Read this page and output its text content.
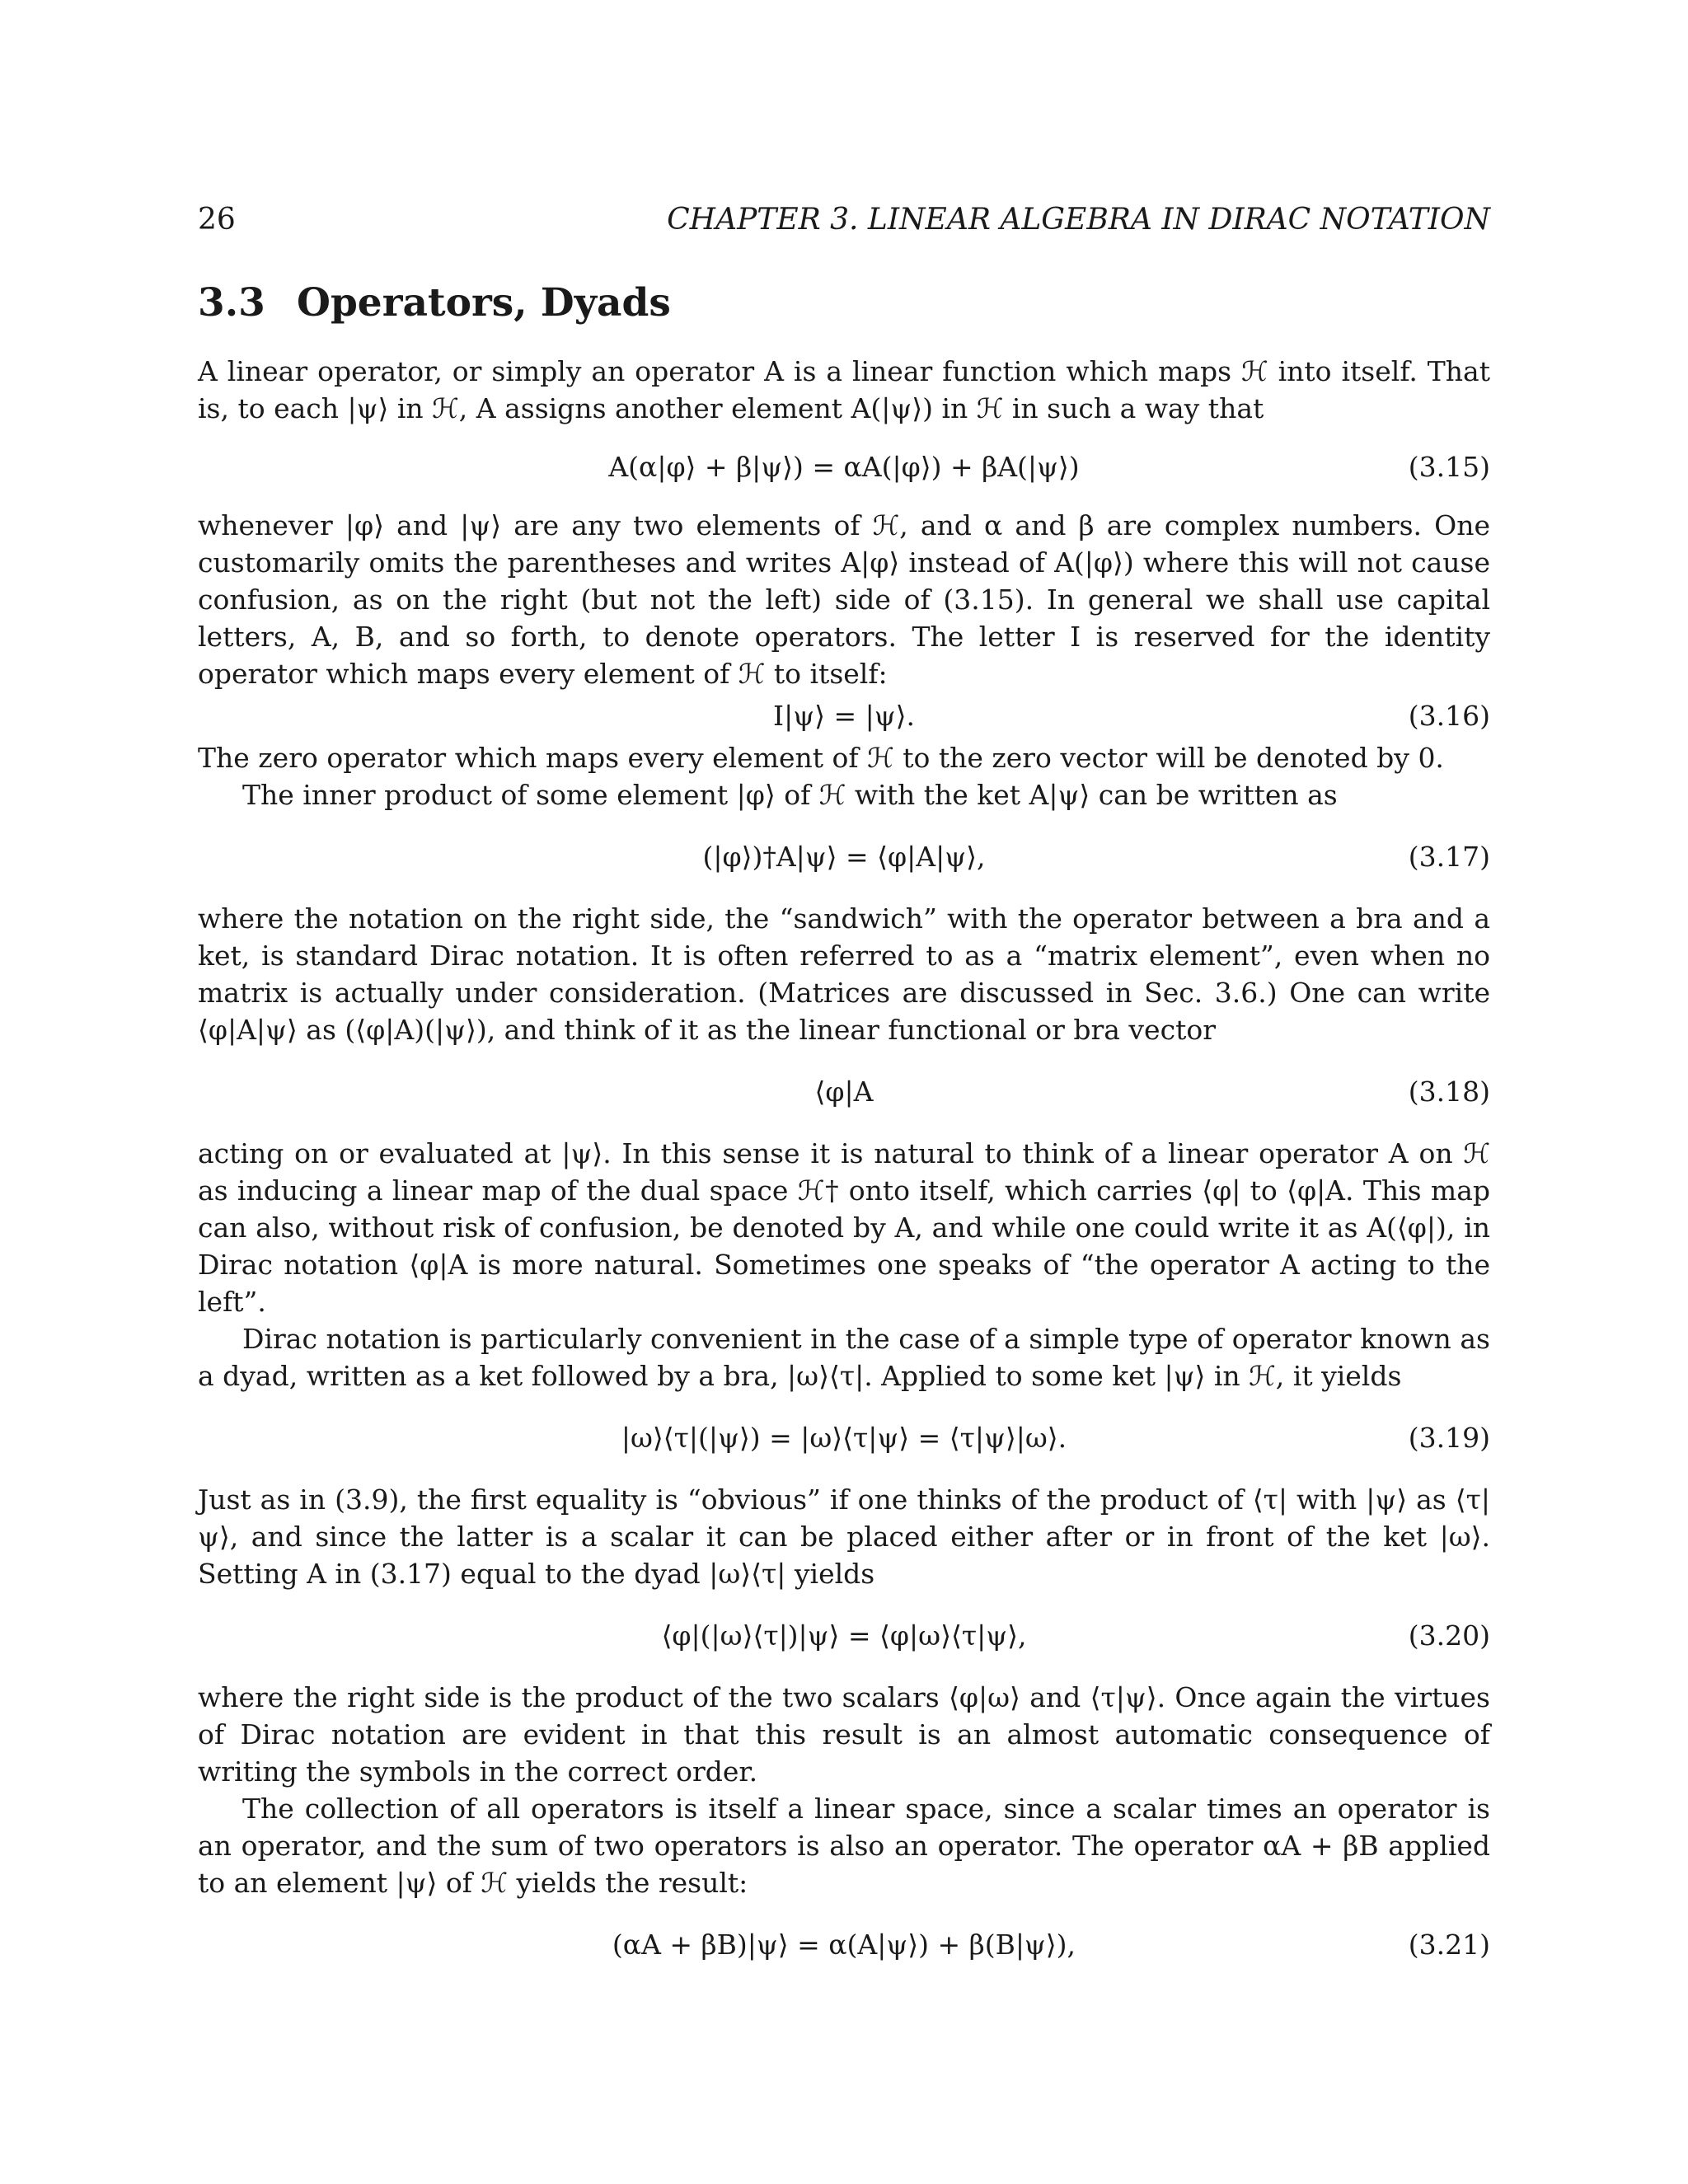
26	CHAPTER 3. LINEAR ALGEBRA IN DIRAC NOTATION
3.3 Operators, Dyads

A linear operator, or simply an operator A is a linear function which maps ℋ into itself. That is, to each |ψ⟩ in ℋ, A assigns another element A(|ψ⟩) in ℋ in such a way that

A(α|φ⟩ + β|ψ⟩) = αA(|φ⟩) + βA(|ψ⟩)	(3.15)

whenever |φ⟩ and |ψ⟩ are any two elements of ℋ, and α and β are complex numbers. One customarily omits the parentheses and writes A|φ⟩ instead of A(|φ⟩) where this will not cause confusion, as on the right (but not the left) side of (3.15). In general we shall use capital letters, A, B, and so forth, to denote operators. The letter I is reserved for the identity operator which maps every element of ℋ to itself:

I|ψ⟩ = |ψ⟩.	(3.16)

The zero operator which maps every element of ℋ to the zero vector will be denoted by 0.

The inner product of some element |φ⟩ of ℋ with the ket A|ψ⟩ can be written as

(|φ⟩)†A|ψ⟩ = ⟨φ|A|ψ⟩,	(3.17)

where the notation on the right side, the “sandwich” with the operator between a bra and a ket, is standard Dirac notation. It is often referred to as a “matrix element”, even when no matrix is actually under consideration. (Matrices are discussed in Sec. 3.6.) One can write ⟨φ|A|ψ⟩ as (⟨φ|A)(|ψ⟩), and think of it as the linear functional or bra vector

⟨φ|A	(3.18)

acting on or evaluated at |ψ⟩. In this sense it is natural to think of a linear operator A on ℋ as inducing a linear map of the dual space ℋ† onto itself, which carries ⟨φ| to ⟨φ|A. This map can also, without risk of confusion, be denoted by A, and while one could write it as A(⟨φ|), in Dirac notation ⟨φ|A is more natural. Sometimes one speaks of “the operator A acting to the left”.

Dirac notation is particularly convenient in the case of a simple type of operator known as a dyad, written as a ket followed by a bra, |ω⟩⟨τ|. Applied to some ket |ψ⟩ in ℋ, it yields

|ω⟩⟨τ|(|ψ⟩) = |ω⟩⟨τ|ψ⟩ = ⟨τ|ψ⟩|ω⟩.	(3.19)

Just as in (3.9), the first equality is “obvious” if one thinks of the product of ⟨τ| with |ψ⟩ as ⟨τ|ψ⟩, and since the latter is a scalar it can be placed either after or in front of the ket |ω⟩. Setting A in (3.17) equal to the dyad |ω⟩⟨τ| yields

⟨φ|(|ω⟩⟨τ|)|ψ⟩ = ⟨φ|ω⟩⟨τ|ψ⟩,	(3.20)

where the right side is the product of the two scalars ⟨φ|ω⟩ and ⟨τ|ψ⟩. Once again the virtues of Dirac notation are evident in that this result is an almost automatic consequence of writing the symbols in the correct order.

The collection of all operators is itself a linear space, since a scalar times an operator is an operator, and the sum of two operators is also an operator. The operator αA + βB applied to an element |ψ⟩ of ℋ yields the result:

(αA + βB)|ψ⟩ = α(A|ψ⟩) + β(B|ψ⟩),	(3.21)
